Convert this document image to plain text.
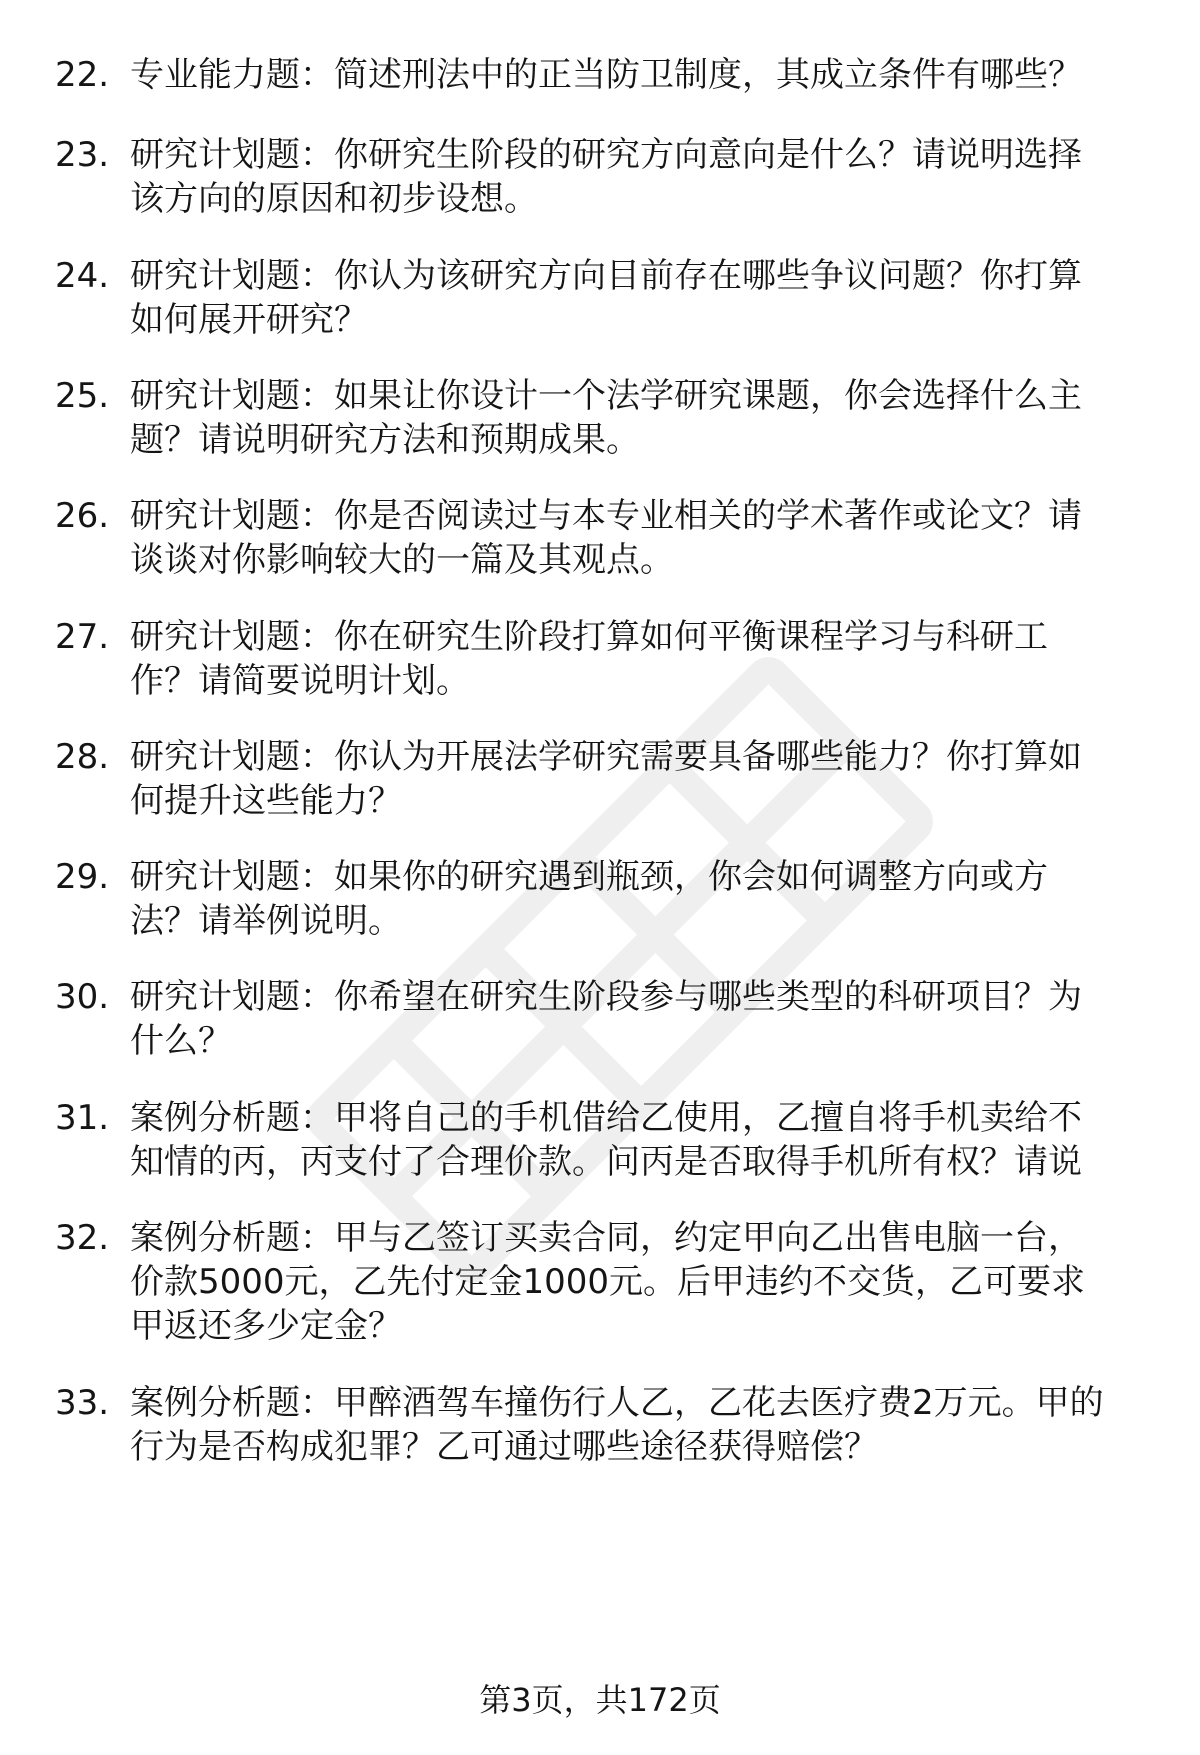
22. 专业能力题：简述刑法中的正当防卫制度，其成立条件有哪些？
23. 研究计划题：你研究生阶段的研究方向意向是什么？请说明选择
该方向的原因和初步设想。
24. 研究计划题：你认为该研究方向目前存在哪些争议问题？你打算
如何展开研究？
25. 研究计划题：如果让你设计一个法学研究课题，你会选择什么主
题？请说明研究方法和预期成果。
26. 研究计划题：你是否阅读过与本专业相关的学术著作或论文？请
谈谈对你影响较大的一篇及其观点。
27. 研究计划题：你在研究生阶段打算如何平衡课程学习与科研工
作？请简要说明计划。
28. 研究计划题：你认为开展法学研究需要具备哪些能力？你打算如
何提升这些能力？
29. 研究计划题：如果你的研究遇到瓶颈，你会如何调整方向或方
法？请举例说明。
30. 研究计划题：你希望在研究生阶段参与哪些类型的科研项目？为
什么？
31. 案例分析题：甲将自己的手机借给乙使用，乙擅自将手机卖给不
知情的丙，丙支付了合理价款。问丙是否取得手机所有权？请说
32. 案例分析题：甲与乙签订买卖合同，约定甲向乙出售电脑一台，
价款5000元，乙先付定金1000元。后甲违约不交货，乙可要求
甲返还多少定金？
33. 案例分析题：甲醉酒驾车撞伤行人乙，乙花去医疗费2万元。甲的
行为是否构成犯罪？乙可通过哪些途径获得赔偿？
第3页，共172页
